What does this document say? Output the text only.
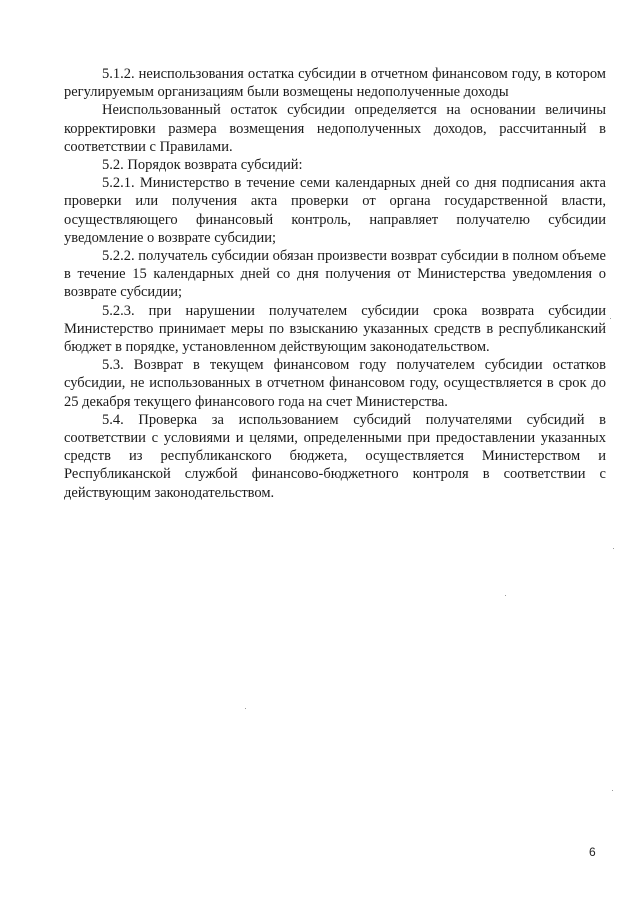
5.1.2. неиспользования остатка субсидии в отчетном финансовом году, в котором регулируемым организациям были возмещены недополученные доходы

Неиспользованный остаток субсидии определяется на основании величины корректировки размера возмещения недополученных доходов, рассчитанный в соответствии с Правилами.

5.2. Порядок возврата субсидий:

5.2.1. Министерство в течение семи календарных дней со дня подписания акта проверки или получения акта проверки от органа государственной власти, осуществляющего финансовый контроль, направляет получателю субсидии уведомление о возврате субсидии;

5.2.2. получатель субсидии обязан произвести возврат субсидии в полном объеме в течение 15 календарных дней со дня получения от Министерства уведомления о возврате субсидии;

5.2.3. при нарушении получателем субсидии срока возврата субсидии Министерство принимает меры по взысканию указанных средств в республиканский бюджет в порядке, установленном действующим законодательством.

5.3. Возврат в текущем финансовом году получателем субсидии остатков субсидии, не использованных в отчетном финансовом году, осуществляется в срок до 25 декабря текущего финансового года на счет Министерства.

5.4. Проверка за использованием субсидий получателями субсидий в соответствии с условиями и целями, определенными при предоставлении указанных средств из республиканского бюджета, осуществляется Министерством и Республиканской службой финансово-бюджетного контроля в соответствии с действующим законодательством.

6
